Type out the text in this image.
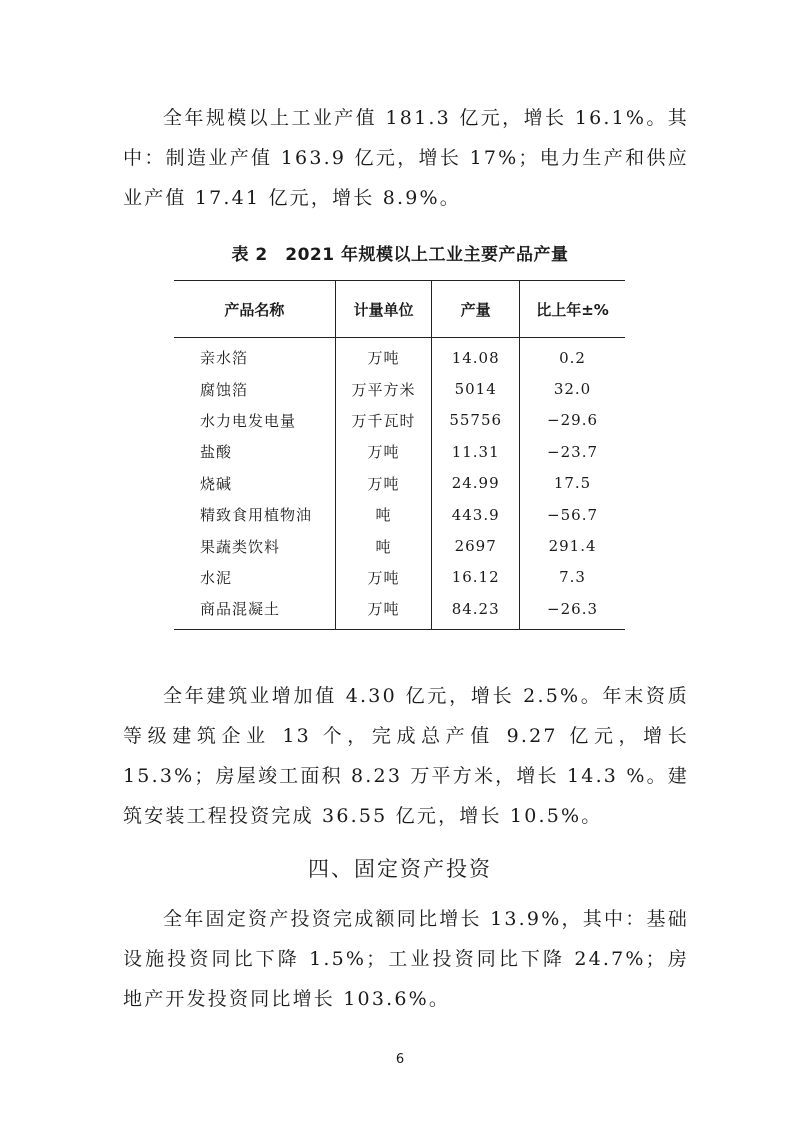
全年规模以上工业产值 181.3 亿元，增长 16.1%。其中：制造业产值 163.9 亿元，增长 17%；电力生产和供应业产值 17.41 亿元，增长 8.9%。

表 2　2021 年规模以上工业主要产品产量
产品名称	计量单位	产量	比上年±%
亲水箔	万吨	14.08	0.2
腐蚀箔	万平方米	5014	32.0
水力电发电量	万千瓦时	55756	−29.6
盐酸	万吨	11.31	−23.7
烧碱	万吨	24.99	17.5
精致食用植物油	吨	443.9	−56.7
果蔬类饮料	吨	2697	291.4
水泥	万吨	16.12	7.3
商品混凝土	万吨	84.23	−26.3

全年建筑业增加值 4.30 亿元，增长 2.5%。年末资质等级建筑企业 13 个，完成总产值 9.27 亿元，增长 15.3%；房屋竣工面积 8.23 万平方米，增长 14.3 %。建筑安装工程投资完成 36.55 亿元，增长 10.5%。

四、固定资产投资

全年固定资产投资完成额同比增长 13.9%，其中：基础设施投资同比下降 1.5%；工业投资同比下降 24.7%；房地产开发投资同比增长 103.6%。

6
